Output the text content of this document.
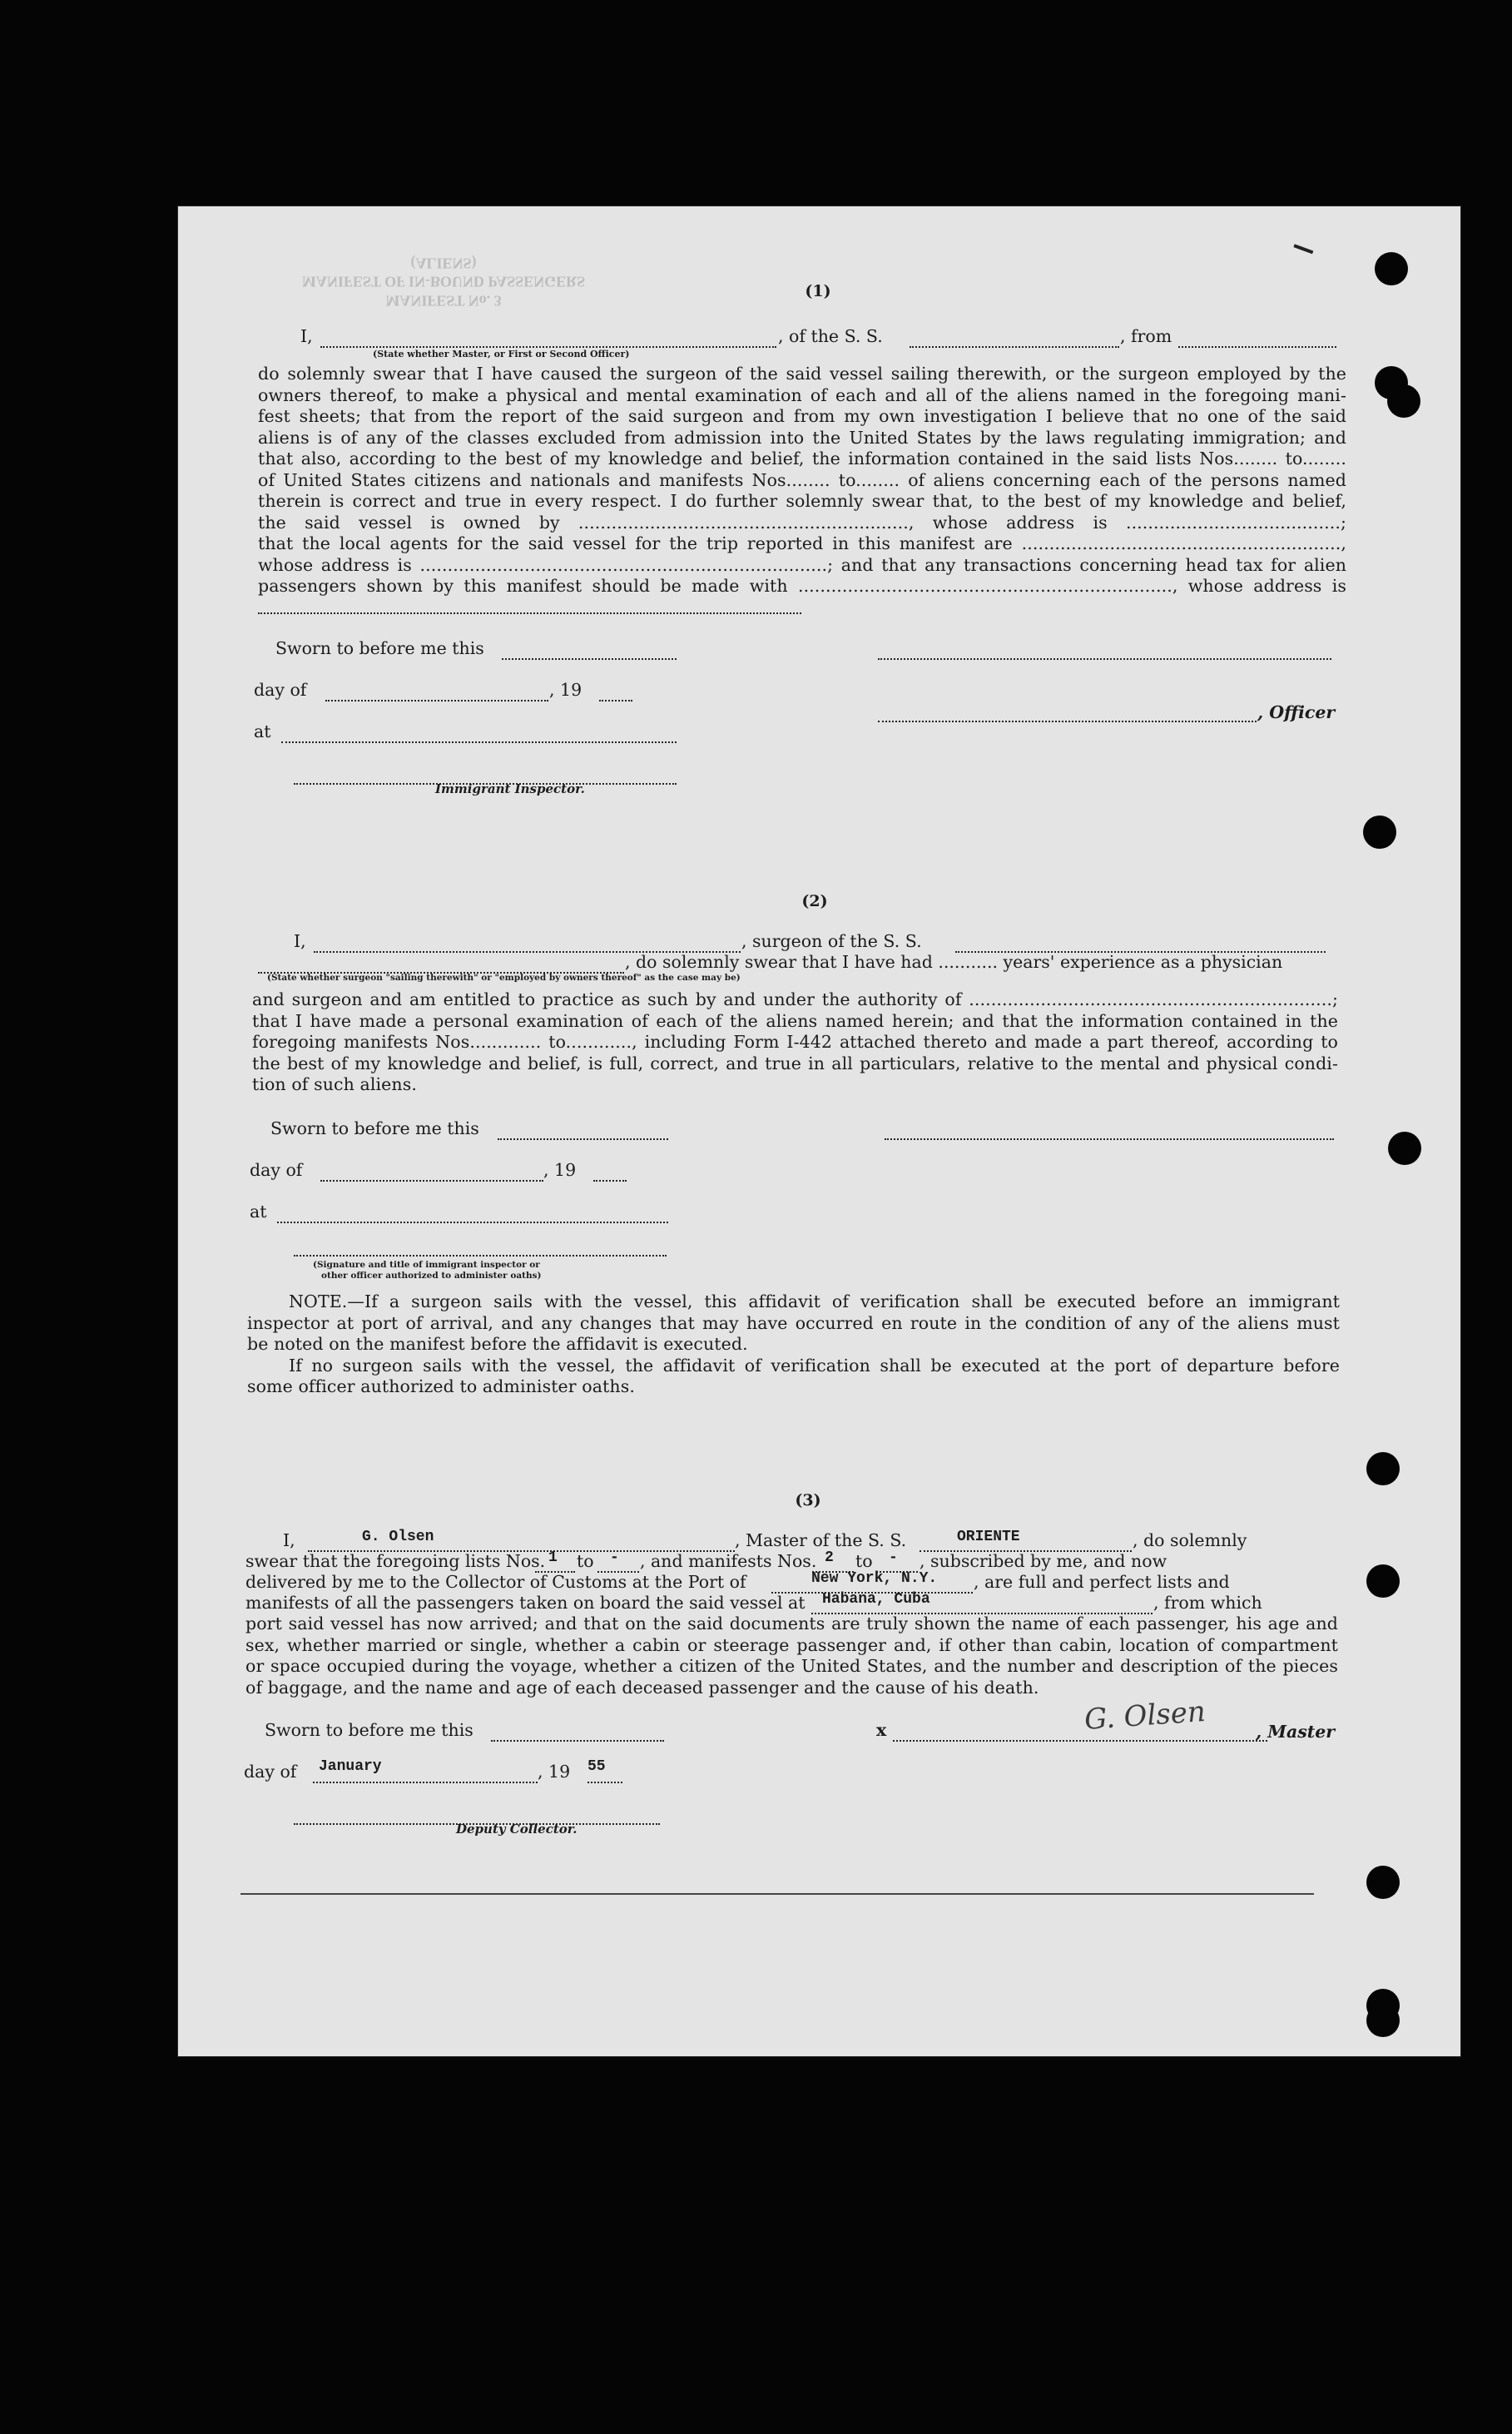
MANIFEST No. 3
MANIFEST OF IN-BOUND PASSENGERS (ALIENS)
(1)
I,	, of the S. S.	, from
(State whether Master, or First or Second Officer)
do solemnly swear that I have caused the surgeon of the said vessel sailing therewith, or the surgeon employed by the
owners thereof, to make a physical and mental examination of each and all of the aliens named in the foregoing mani-
fest sheets; that from the report of the said surgeon and from my own investigation I believe that no one of the said
aliens is of any of the classes excluded from admission into the United States by the laws regulating immigration; and
that also, according to the best of my knowledge and belief, the information contained in the said lists Nos........ to........
of United States citizens and nationals and manifests Nos........ to........ of aliens concerning each of the persons named
therein is correct and true in every respect. I do further solemnly swear that, to the best of my knowledge and belief,
the said vessel is owned by ............................................................, whose address is .......................................;
that the local agents for the said vessel for the trip reported in this manifest are ..........................................................,
whose address is ..........................................................................; and that any transactions concerning head tax for alien
passengers shown by this manifest should be made with ...................................................................., whose address is
Sworn to before me this
day of	, 19
, Officer
at
Immigrant Inspector.
(2)
I,	, surgeon of the S. S.
, do solemnly swear that I have had ........... years' experience as a physician
(State whether surgeon "sailing therewith" or "employed by owners thereof" as the case may be)
and surgeon and am entitled to practice as such by and under the authority of ..................................................................;
that I have made a personal examination of each of the aliens named herein; and that the information contained in the
foregoing manifests Nos............. to............, including Form I-442 attached thereto and made a part thereof, according to
the best of my knowledge and belief, is full, correct, and true in all particulars, relative to the mental and physical condi-
tion of such aliens.
Sworn to before me this
day of	, 19
at
(Signature and title of immigrant inspector or
other officer authorized to administer oaths)
NOTE.—If a surgeon sails with the vessel, this affidavit of verification shall be executed before an immigrant
inspector at port of arrival, and any changes that may have occurred en route in the condition of any of the aliens must
be noted on the manifest before the affidavit is executed.
If no surgeon sails with the vessel, the affidavit of verification shall be executed at the port of departure before
some officer authorized to administer oaths.
(3)
I,	G. Olsen	, Master of the S. S.	ORIENTE	, do solemnly
swear that the foregoing lists Nos. 1 to - , and manifests Nos. 2 to - , subscribed by me, and now
delivered by me to the Collector of Customs at the Port of	New York, N.Y. , are full and perfect lists and
manifests of all the passengers taken on board the said vessel at Habana, Cuba	, from which
port said vessel has now arrived; and that on the said documents are truly shown the name of each passenger, his age and
sex, whether married or single, whether a cabin or steerage passenger and, if other than cabin, location of compartment
or space occupied during the voyage, whether a citizen of the United States, and the number and description of the pieces
of baggage, and the name and age of each deceased passenger and the cause of his death.
Sworn to before me this	x	G. Olsen	, Master
day of January	, 19 55
Deputy Collector.
